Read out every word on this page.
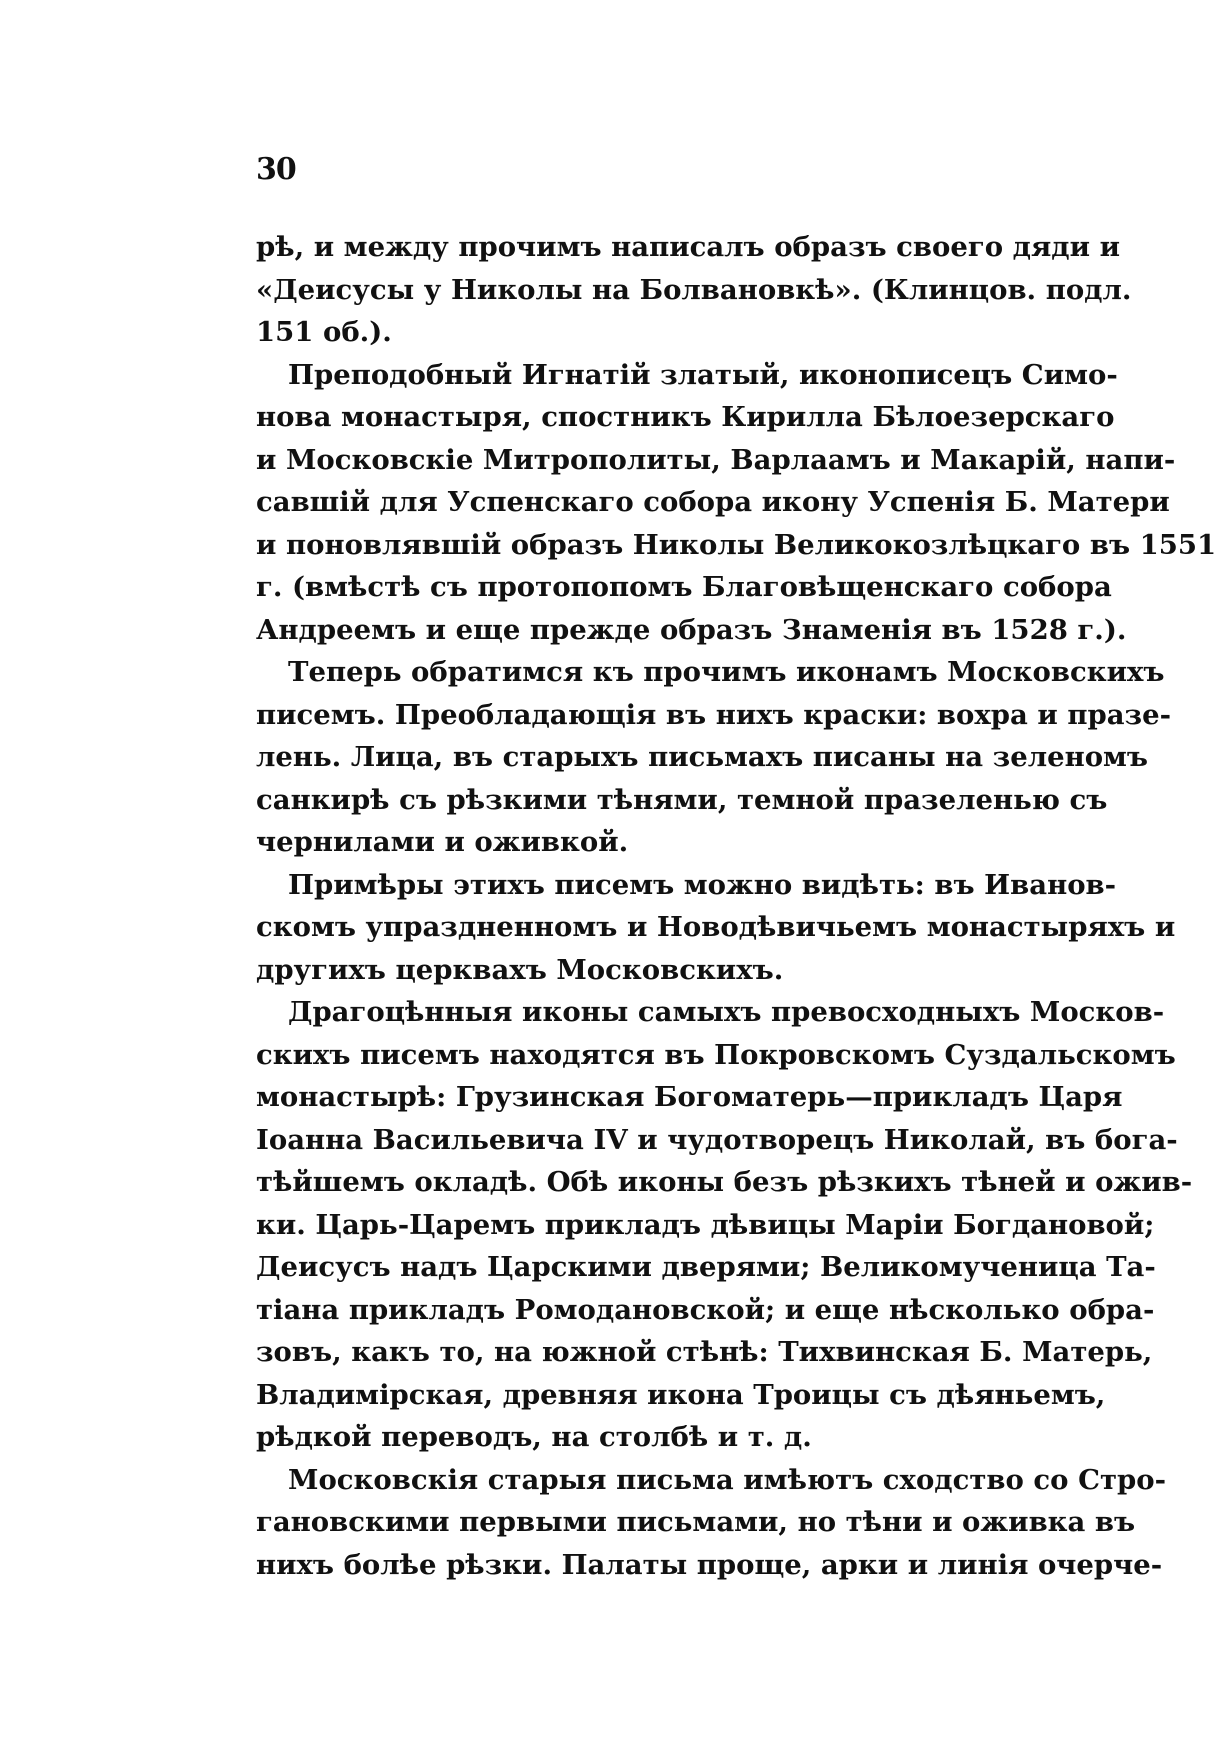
30
рѣ, и между прочимъ написалъ образъ своего дяди и
«Деисусы у Николы на Болвановкѣ». (Клинцов. подл.
151 об.).
Преподобный Игнатій златый, иконописецъ Симо-
нова монастыря, спостникъ Кирилла Бѣлоезерскаго
и Московскіе Митрополиты, Варлаамъ и Макарій, напи-
савшій для Успенскаго собора икону Успенія Б. Матери
и поновлявшій образъ Николы Великокозлѣцкаго въ 1551
г. (вмѣстѣ съ протопопомъ Благовѣщенскаго собора
Андреемъ и еще прежде образъ Знаменія въ 1528 г.).
Теперь обратимся къ прочимъ иконамъ Московскихъ
писемъ. Преобладающія въ нихъ краски: вохра и празе-
лень. Лица, въ старыхъ письмахъ писаны на зеленомъ
санкирѣ съ рѣзкими тѣнями, темной празеленью съ
чернилами и оживкой.
Примѣры этихъ писемъ можно видѣть: въ Иванов-
скомъ упраздненномъ и Новодѣвичьемъ монастыряхъ и
другихъ церквахъ Московскихъ.
Драгоцѣнныя иконы самыхъ превосходныхъ Москов-
скихъ писемъ находятся въ Покровскомъ Суздальскомъ
монастырѣ: Грузинская Богоматерь—прикладъ Царя
Іоанна Васильевича IV и чудотворецъ Николай, въ бога-
тѣйшемъ окладѣ. Обѣ иконы безъ рѣзкихъ тѣней и ожив-
ки. Царь-Царемъ прикладъ дѣвицы Маріи Богдановой;
Деисусъ надъ Царскими дверями; Великомученица Та-
тіана прикладъ Ромодановской; и еще нѣсколько обра-
зовъ, какъ то, на южной стѣнѣ: Тихвинская Б. Матерь,
Владимірская, древняя икона Троицы съ дѣяньемъ,
рѣдкой переводъ, на столбѣ и т. д.
Московскія старыя письма имѣютъ сходство со Стро-
гановскими первыми письмами, но тѣни и оживка въ
нихъ болѣе рѣзки. Палаты проще, арки и линія очерче-
